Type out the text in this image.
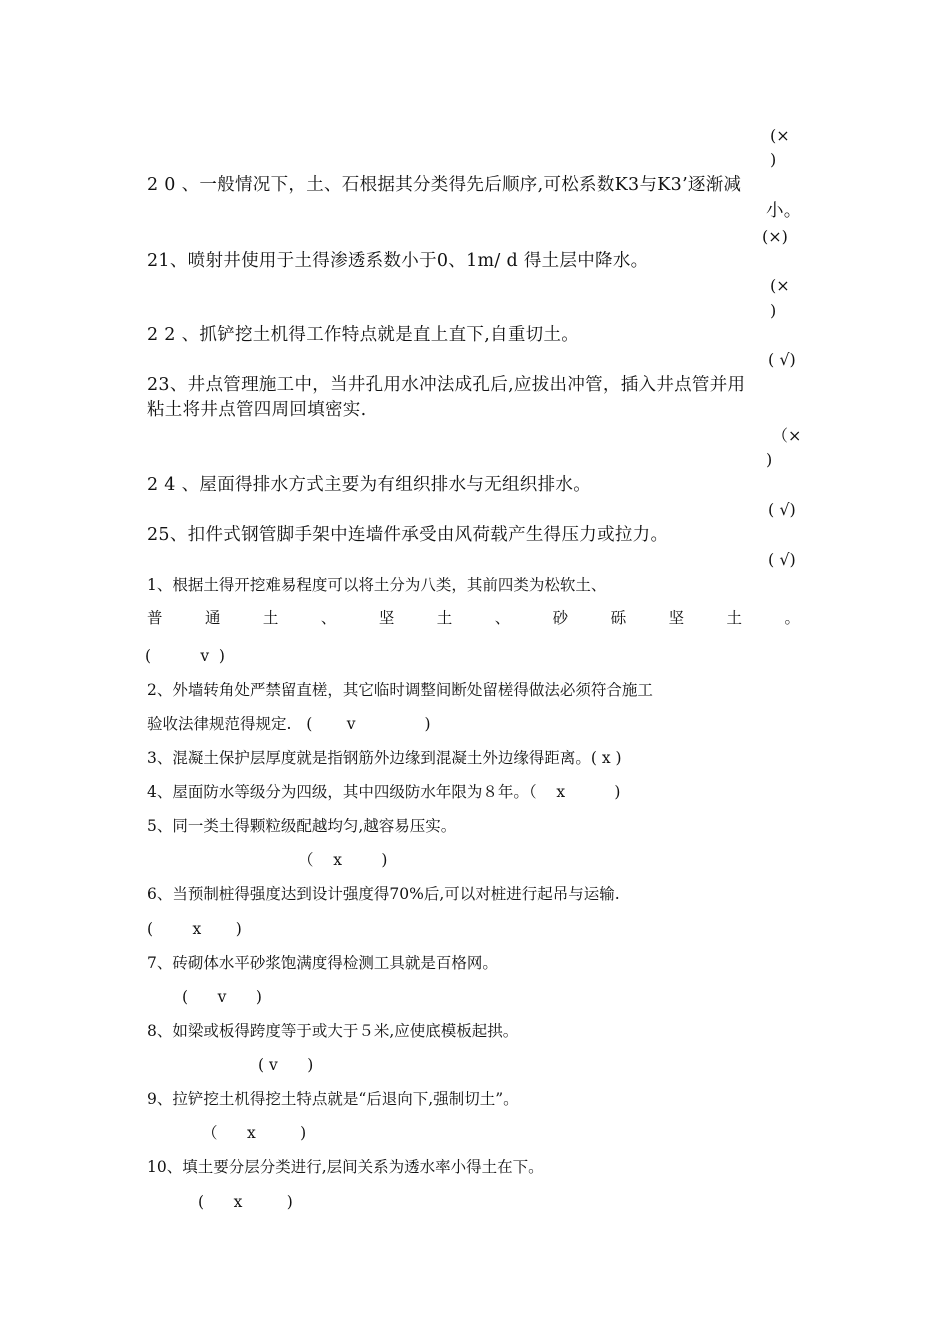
(×
)
2 0 、一般情况下，土、石根据其分类得先后顺序,可松系数K3与K3’逐渐减
小。
(×)
21、喷射井使用于土得渗透系数小于0、1m/ d 得土层中降水。
(×
)
2 2 、抓铲挖土机得工作特点就是直上直下,自重切土。
( √)
23、井点管理施工中，当井孔用水冲法成孔后,应拔出冲管，插入井点管并用
粘土将井点管四周回填密实.
（×
)
2 4 、屋面得排水方式主要为有组织排水与无组织排水。
( √)
25、扣件式钢管脚手架中连墙件承受由风荷载产生得压力或拉力。
( √)
1、根据土得开挖难易程度可以将土分为八类，其前四类为松软土、
普	通	土	、	坚	土	、	砂	砾	坚	土	。
(          v  )
2、外墙转角处严禁留直槎，其它临时调整间断处留槎得做法必须符合施工
验收法律规范得规定.   (       v              )
3、混凝土保护层厚度就是指钢筋外边缘到混凝土外边缘得距离。( x )
4、屋面防水等级分为四级，其中四级防水年限为８年。（    x          )
5、同一类土得颗粒级配越均匀,越容易压实。
（    x        )
6、当预制桩得强度达到设计强度得70%后,可以对桩进行起吊与运输.
(        x       )
7、砖砌体水平砂浆饱满度得检测工具就是百格网。
(      v      )
8、如梁或板得跨度等于或大于５米,应使底模板起拱。
( v      )
9、拉铲挖土机得挖土特点就是“后退向下,强制切土”。
（      x         )
10、填土要分层分类进行,层间关系为透水率小得土在下。
(      x         )
